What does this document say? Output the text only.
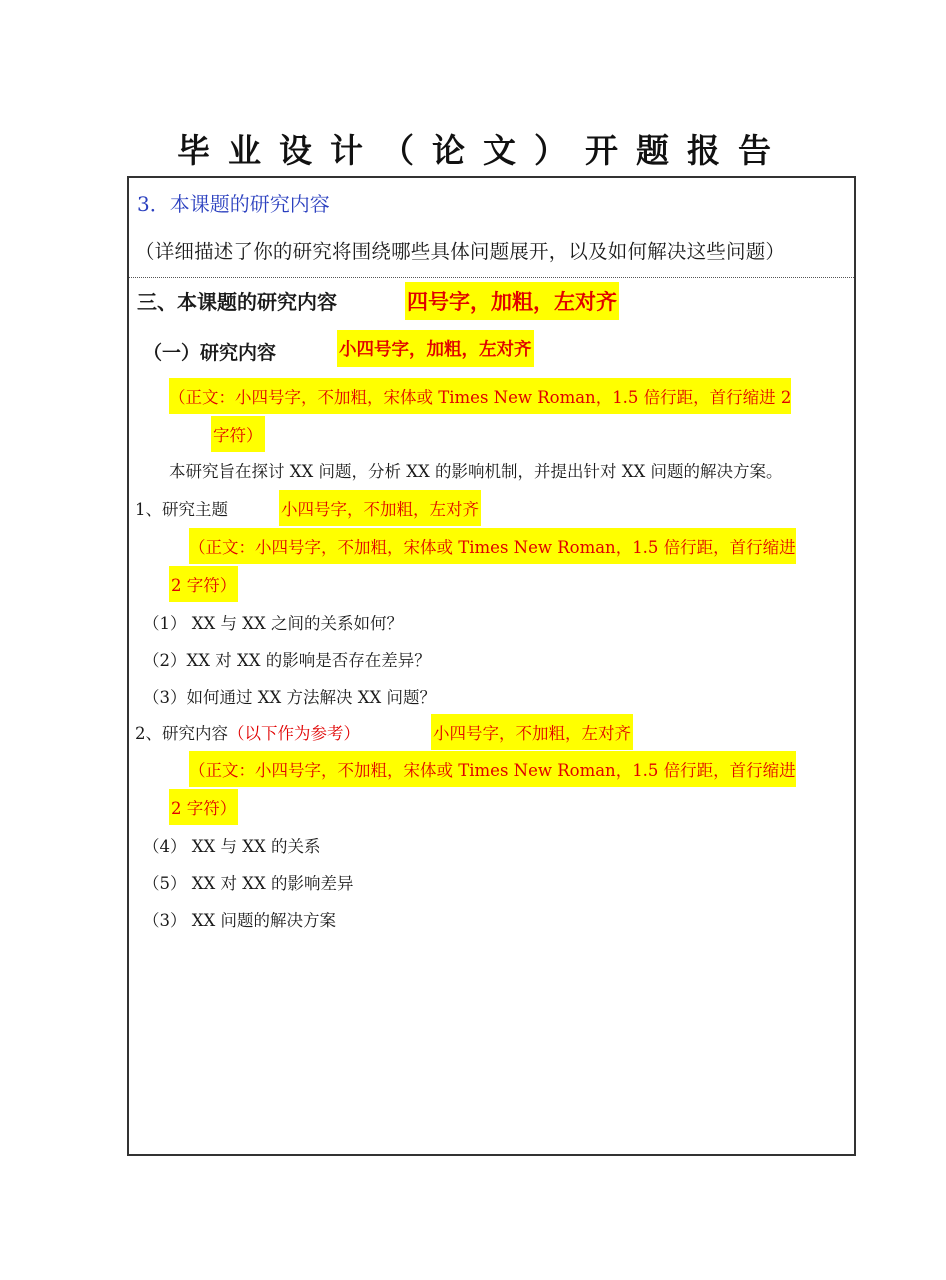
毕业设计（论文）开题报告
3．本课题的研究内容
（详细描述了你的研究将围绕哪些具体问题展开，以及如何解决这些问题）
三、本课题的研究内容	四号字，加粗，左对齐
（一）研究内容	小四号字，加粗，左对齐
（正文：小四号字，不加粗，宋体或 Times New Roman，1.5 倍行距，首行缩进 2
字符）
本研究旨在探讨 XX 问题，分析 XX 的影响机制，并提出针对 XX 问题的解决方案。
1、研究主题	小四号字，不加粗，左对齐
（正文：小四号字，不加粗，宋体或 Times New Roman，1.5 倍行距，首行缩进
2 字符）
（1） XX 与 XX 之间的关系如何？
（2）XX 对 XX 的影响是否存在差异？
（3）如何通过 XX 方法解决 XX 问题？
2、研究内容（以下作为参考）	小四号字，不加粗，左对齐
（正文：小四号字，不加粗，宋体或 Times New Roman，1.5 倍行距，首行缩进
2 字符）
（4） XX 与 XX 的关系
（5） XX 对 XX 的影响差异
（3） XX 问题的解决方案
